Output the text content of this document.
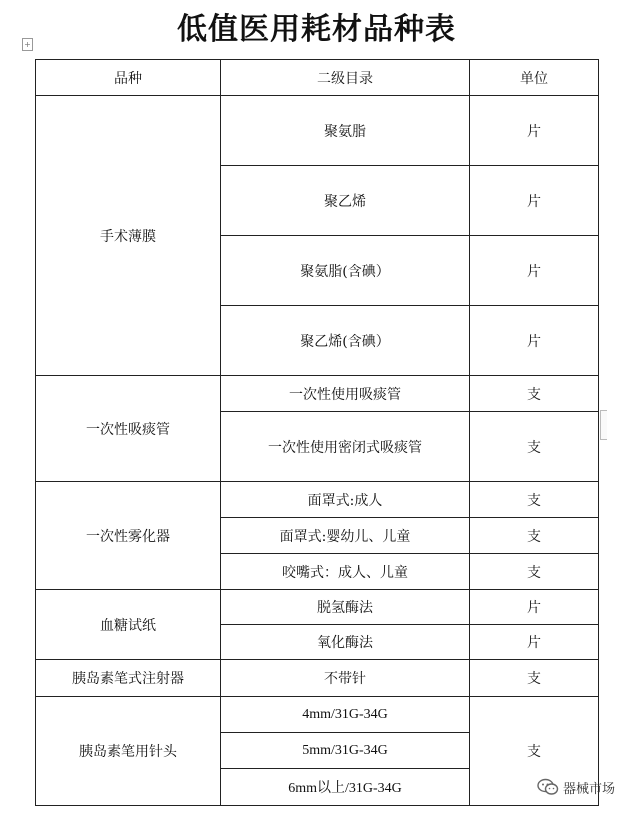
低值医用耗材品种表
+
品种	二级目录	单位
手术薄膜	聚氨脂	片
	聚乙烯	片
	聚氨脂(含碘）	片
	聚乙烯(含碘）	片
一次性吸痰管	一次性使用吸痰管	支
	一次性使用密闭式吸痰管	支
一次性雾化器	面罩式:成人	支
	面罩式:婴幼儿、儿童	支
	咬嘴式：成人、儿童	支
血糖试纸	脱氢酶法	片
	氧化酶法	片
胰岛素笔式注射器	不带针	支
胰岛素笔用针头	4mm/31G-34G	支
	5mm/31G-34G	
	6mm以上/31G-34G		器械市场
